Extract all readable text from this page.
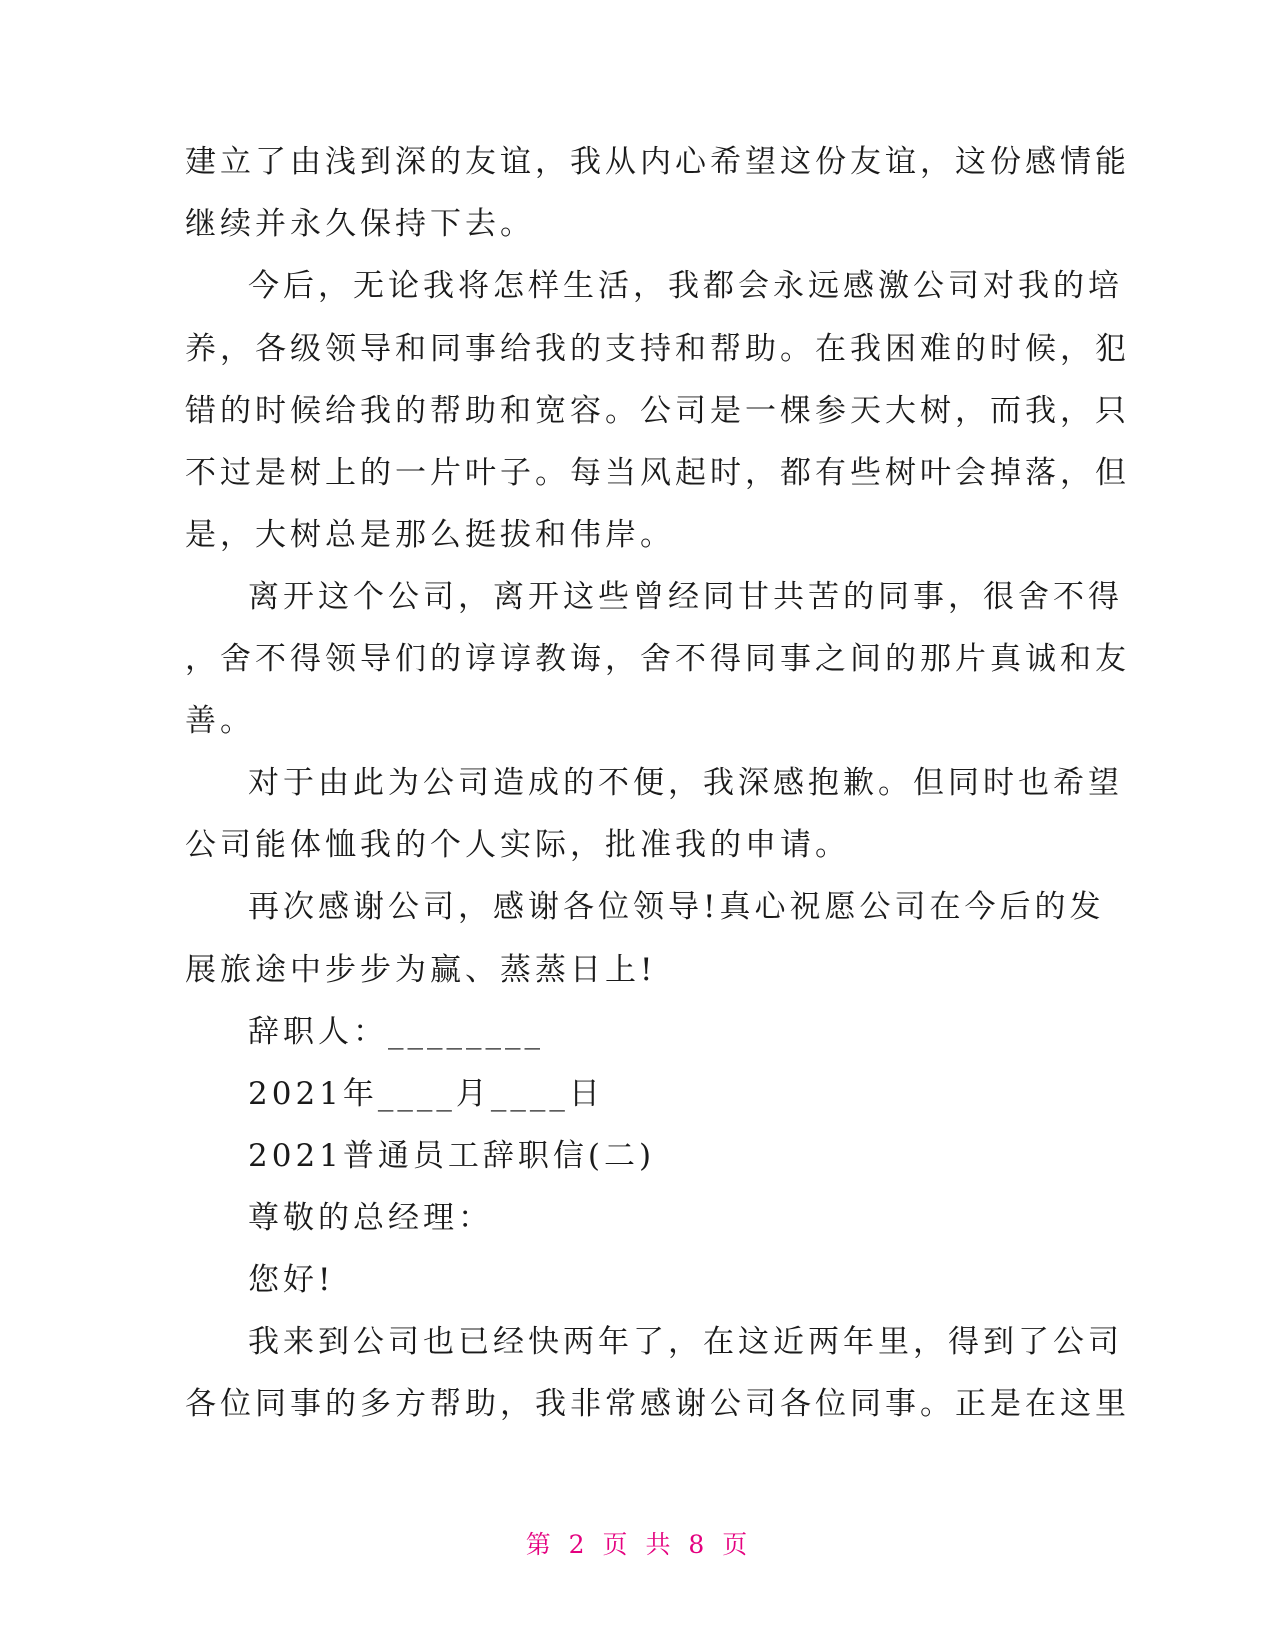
建立了由浅到深的友谊，我从内心希望这份友谊，这份感情能
继续并永久保持下去。
今后，无论我将怎样生活，我都会永远感激公司对我的培
养，各级领导和同事给我的支持和帮助。在我困难的时候，犯
错的时候给我的帮助和宽容。公司是一棵参天大树，而我，只
不过是树上的一片叶子。每当风起时，都有些树叶会掉落，但
是，大树总是那么挺拔和伟岸。
离开这个公司，离开这些曾经同甘共苦的同事，很舍不得
，舍不得领导们的谆谆教诲，舍不得同事之间的那片真诚和友
善。
对于由此为公司造成的不便，我深感抱歉。但同时也希望
公司能体恤我的个人实际，批准我的申请。
再次感谢公司，感谢各位领导!真心祝愿公司在今后的发
展旅途中步步为赢、蒸蒸日上!
辞职人：________
2021年____月____日
2021普通员工辞职信(二)
尊敬的总经理：
您好!
我来到公司也已经快两年了，在这近两年里，得到了公司
各位同事的多方帮助，我非常感谢公司各位同事。正是在这里
第 2 页 共 8 页
